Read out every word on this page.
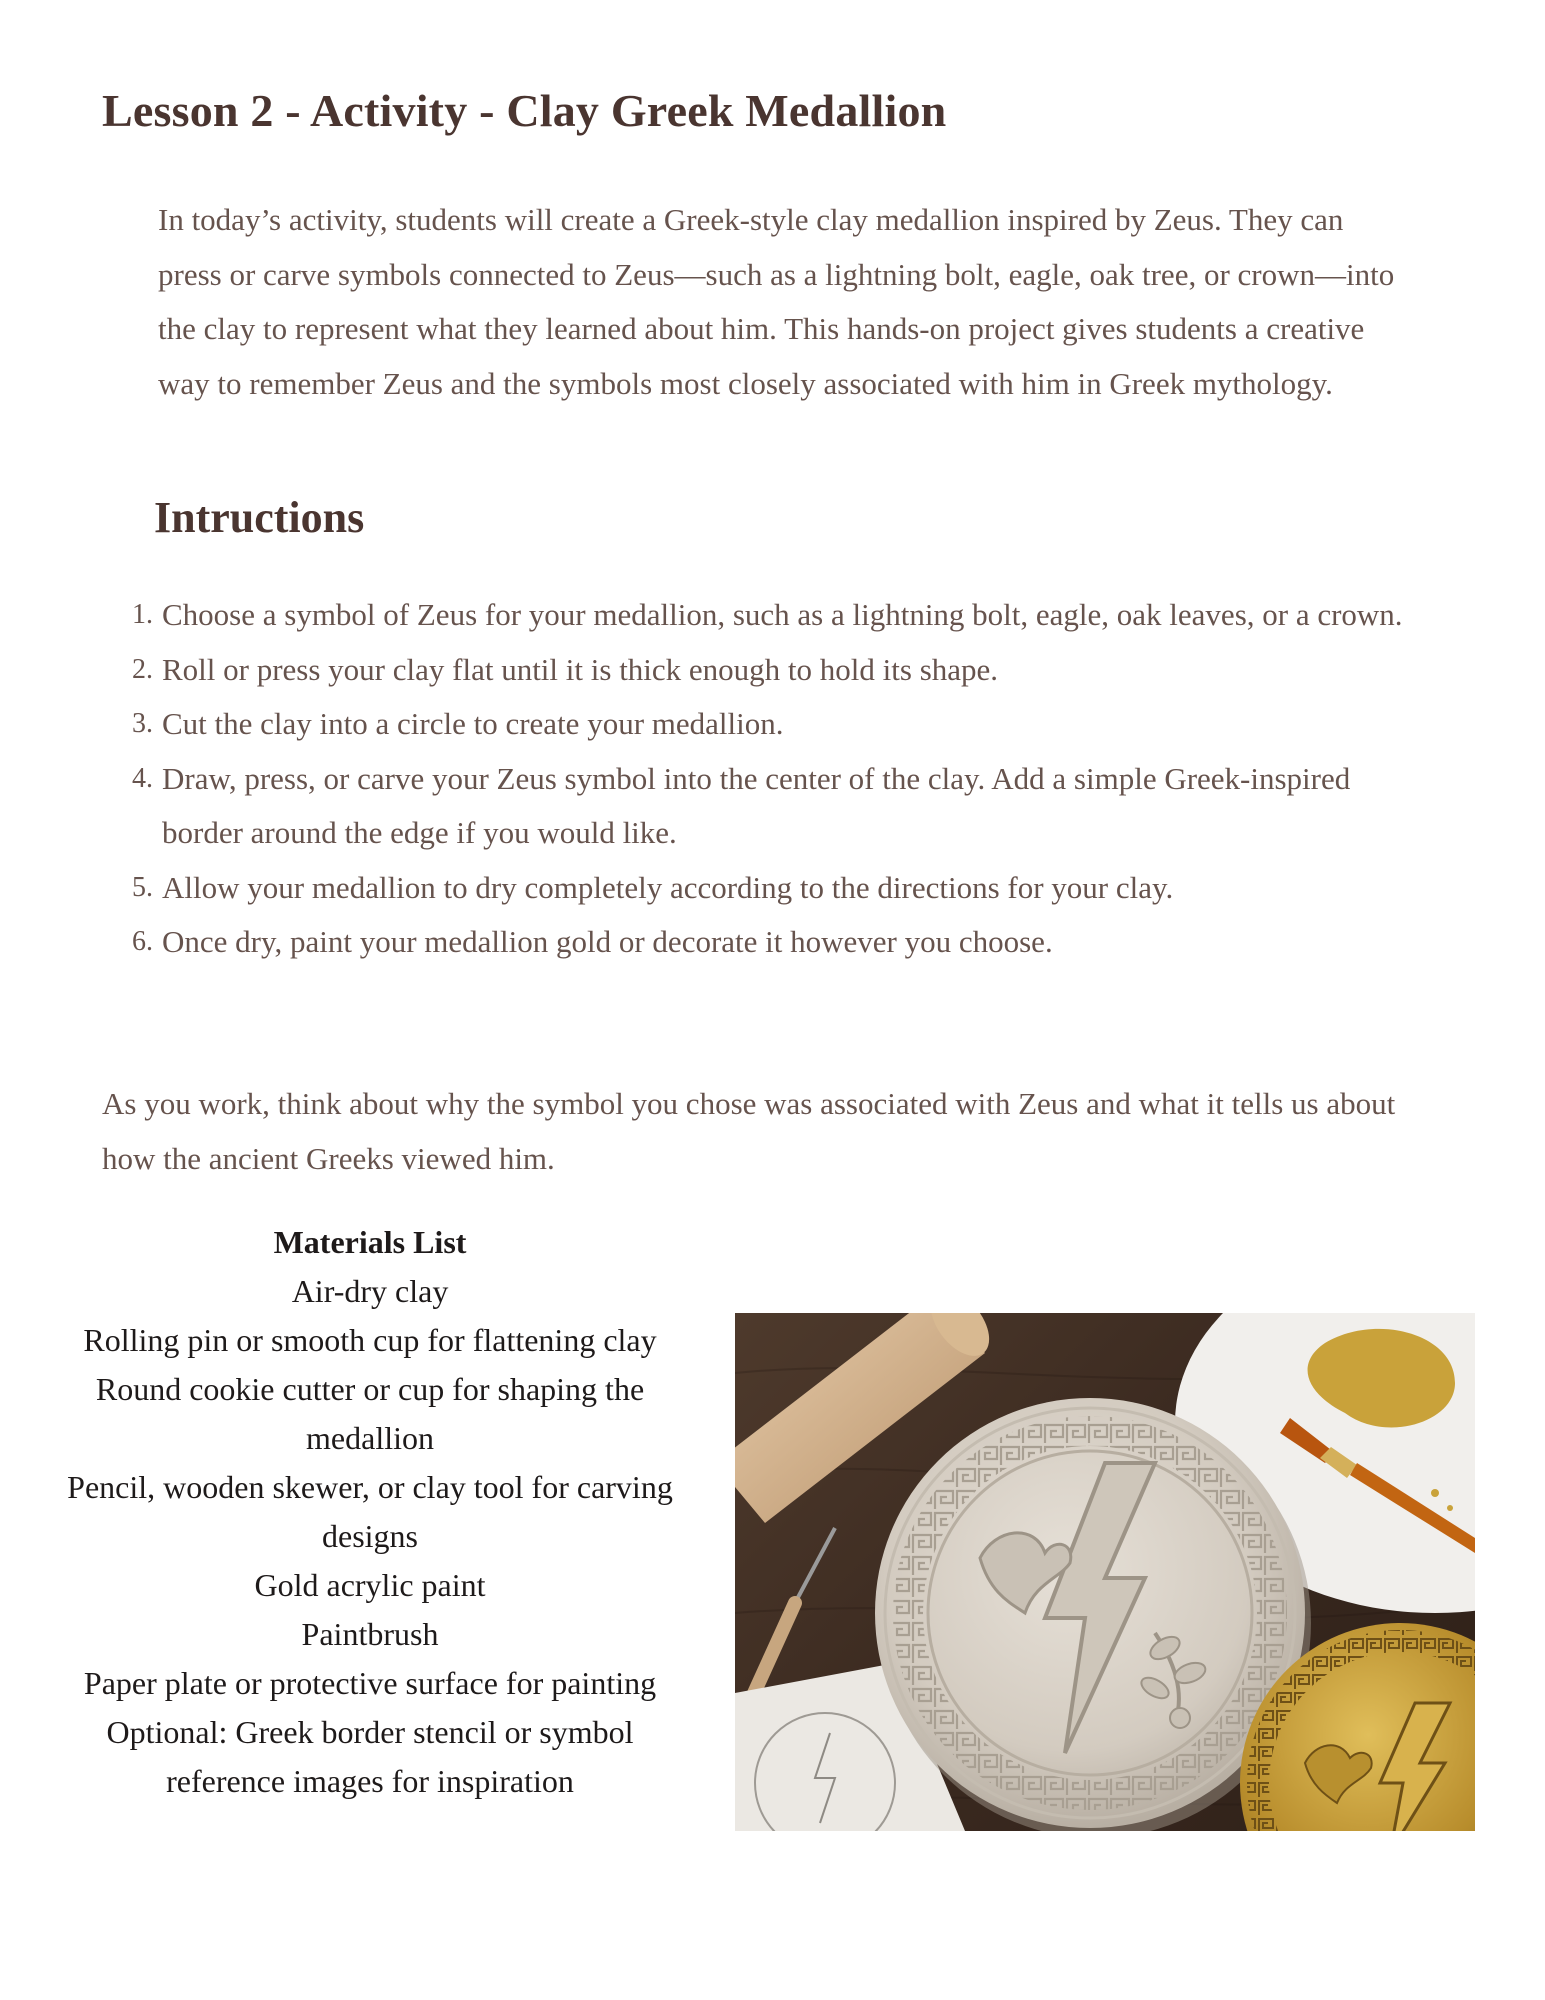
Lesson 2 - Activity - Clay Greek Medallion

In today’s activity, students will create a Greek-style clay medallion inspired by Zeus. They can press or carve symbols connected to Zeus—such as a lightning bolt, eagle, oak tree, or crown—into the clay to represent what they learned about him. This hands-on project gives students a creative way to remember Zeus and the symbols most closely associated with him in Greek mythology.

Intructions
1. Choose a symbol of Zeus for your medallion, such as a lightning bolt, eagle, oak leaves, or a crown.
2. Roll or press your clay flat until it is thick enough to hold its shape.
3. Cut the clay into a circle to create your medallion.
4. Draw, press, or carve your Zeus symbol into the center of the clay. Add a simple Greek-inspired border around the edge if you would like.
5. Allow your medallion to dry completely according to the directions for your clay.
6. Once dry, paint your medallion gold or decorate it however you choose.

As you work, think about why the symbol you chose was associated with Zeus and what it tells us about how the ancient Greeks viewed him.

Materials List

Air-dry clay
Rolling pin or smooth cup for flattening clay
Round cookie cutter or cup for shaping the medallion
Pencil, wooden skewer, or clay tool for carving designs
Gold acrylic paint
Paintbrush
Paper plate or protective surface for painting
Optional: Greek border stencil or symbol reference images for inspiration
